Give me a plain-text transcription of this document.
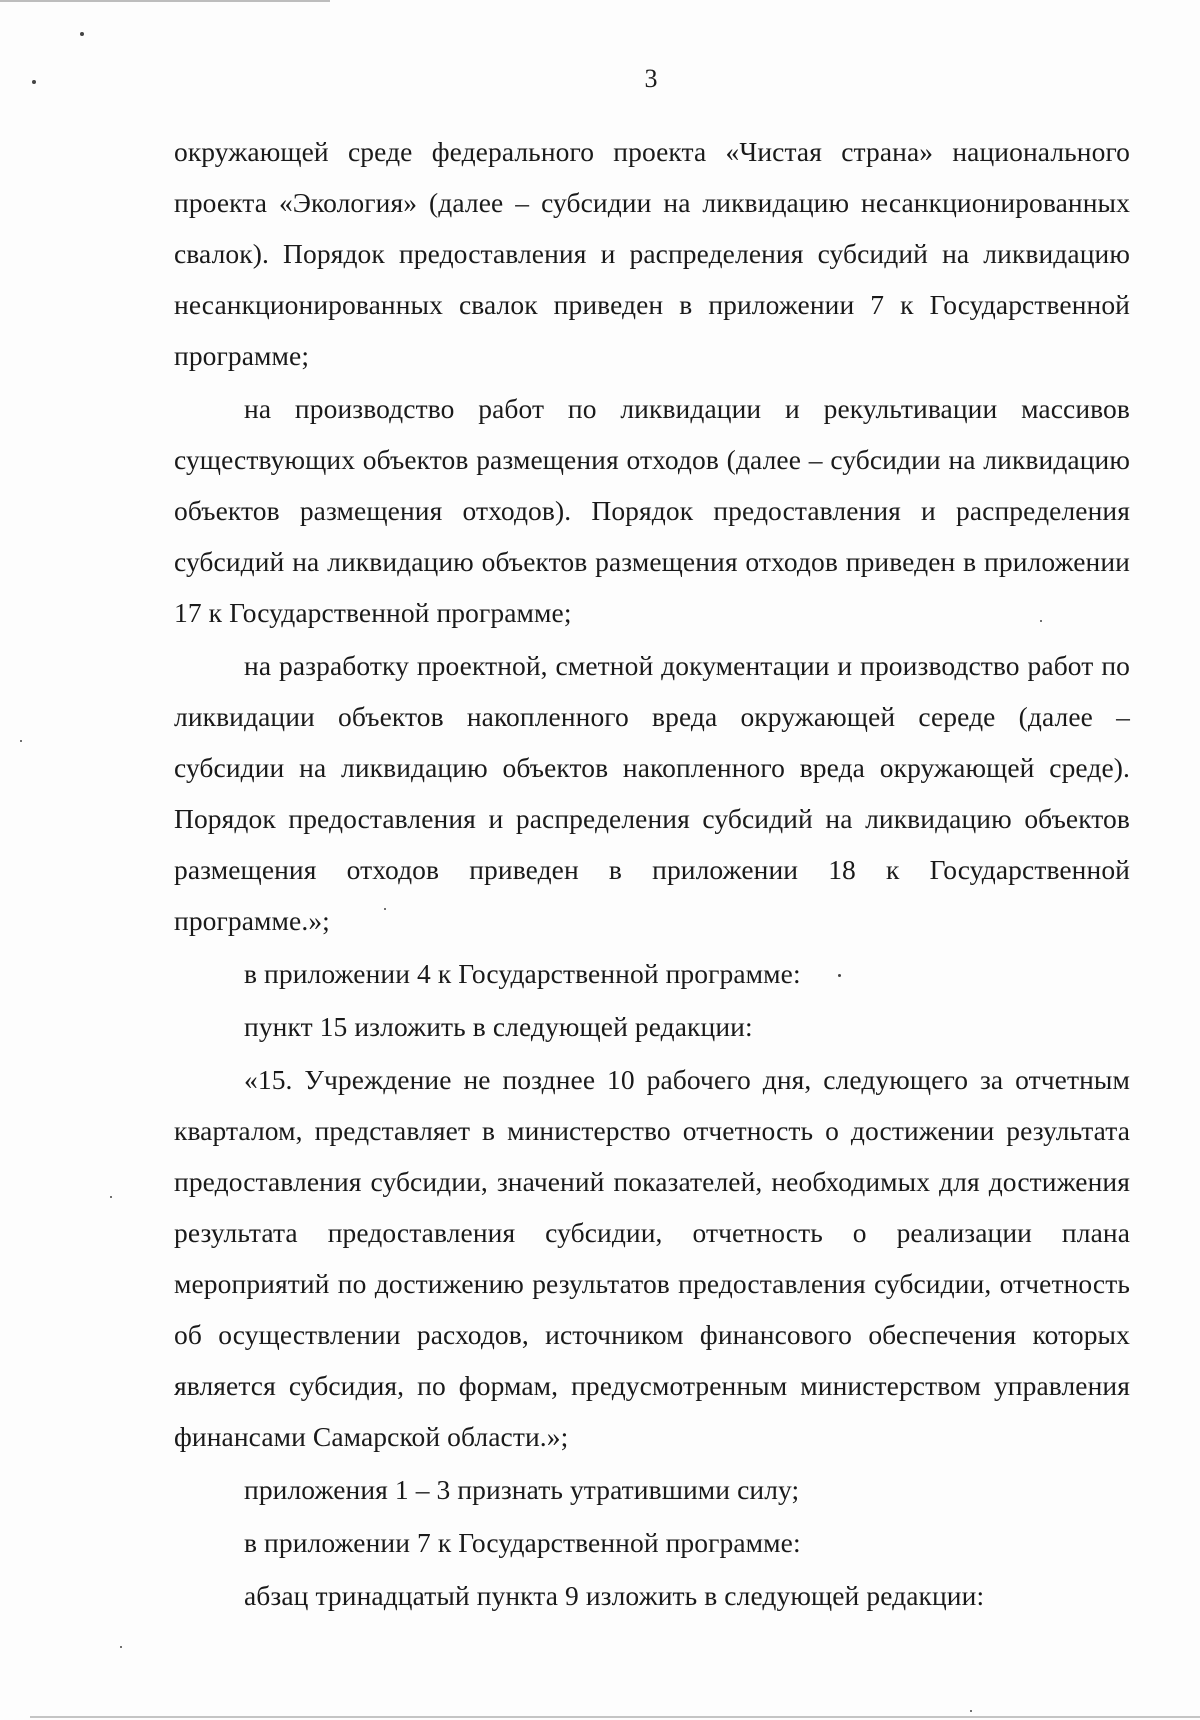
3

окружающей среде федерального проекта «Чистая страна» национального проекта «Экология» (далее – субсидии на ликвидацию несанкционированных свалок). Порядок предоставления и распределения субсидий на ликвидацию несанкционированных свалок приведен в приложении 7 к Государственной программе;

на производство работ по ликвидации и рекультивации массивов существующих объектов размещения отходов (далее – субсидии на ликвидацию объектов размещения отходов). Порядок предоставления и распределения субсидий на ликвидацию объектов размещения отходов приведен в приложении 17 к Государственной программе;

на разработку проектной, сметной документации и производство работ по ликвидации объектов накопленного вреда окружающей середе (далее – субсидии на ликвидацию объектов накопленного вреда окружающей среде). Порядок предоставления и распределения субсидий на ликвидацию объектов размещения отходов приведен в приложении 18 к Государственной программе.»;

в приложении 4 к Государственной программе:

пункт 15 изложить в следующей редакции:

«15. Учреждение не позднее 10 рабочего дня, следующего за отчетным кварталом, представляет в министерство отчетность о достижении результата предоставления субсидии, значений показателей, необходимых для достижения результата предоставления субсидии, отчетность о реализации плана мероприятий по достижению результатов предоставления субсидии, отчетность об осуществлении расходов, источником финансового обеспечения которых является субсидия, по формам, предусмотренным министерством управления финансами Самарской области.»;

приложения 1 – 3 признать утратившими силу;

в приложении 7 к Государственной программе:

абзац тринадцатый пункта 9 изложить в следующей редакции:
